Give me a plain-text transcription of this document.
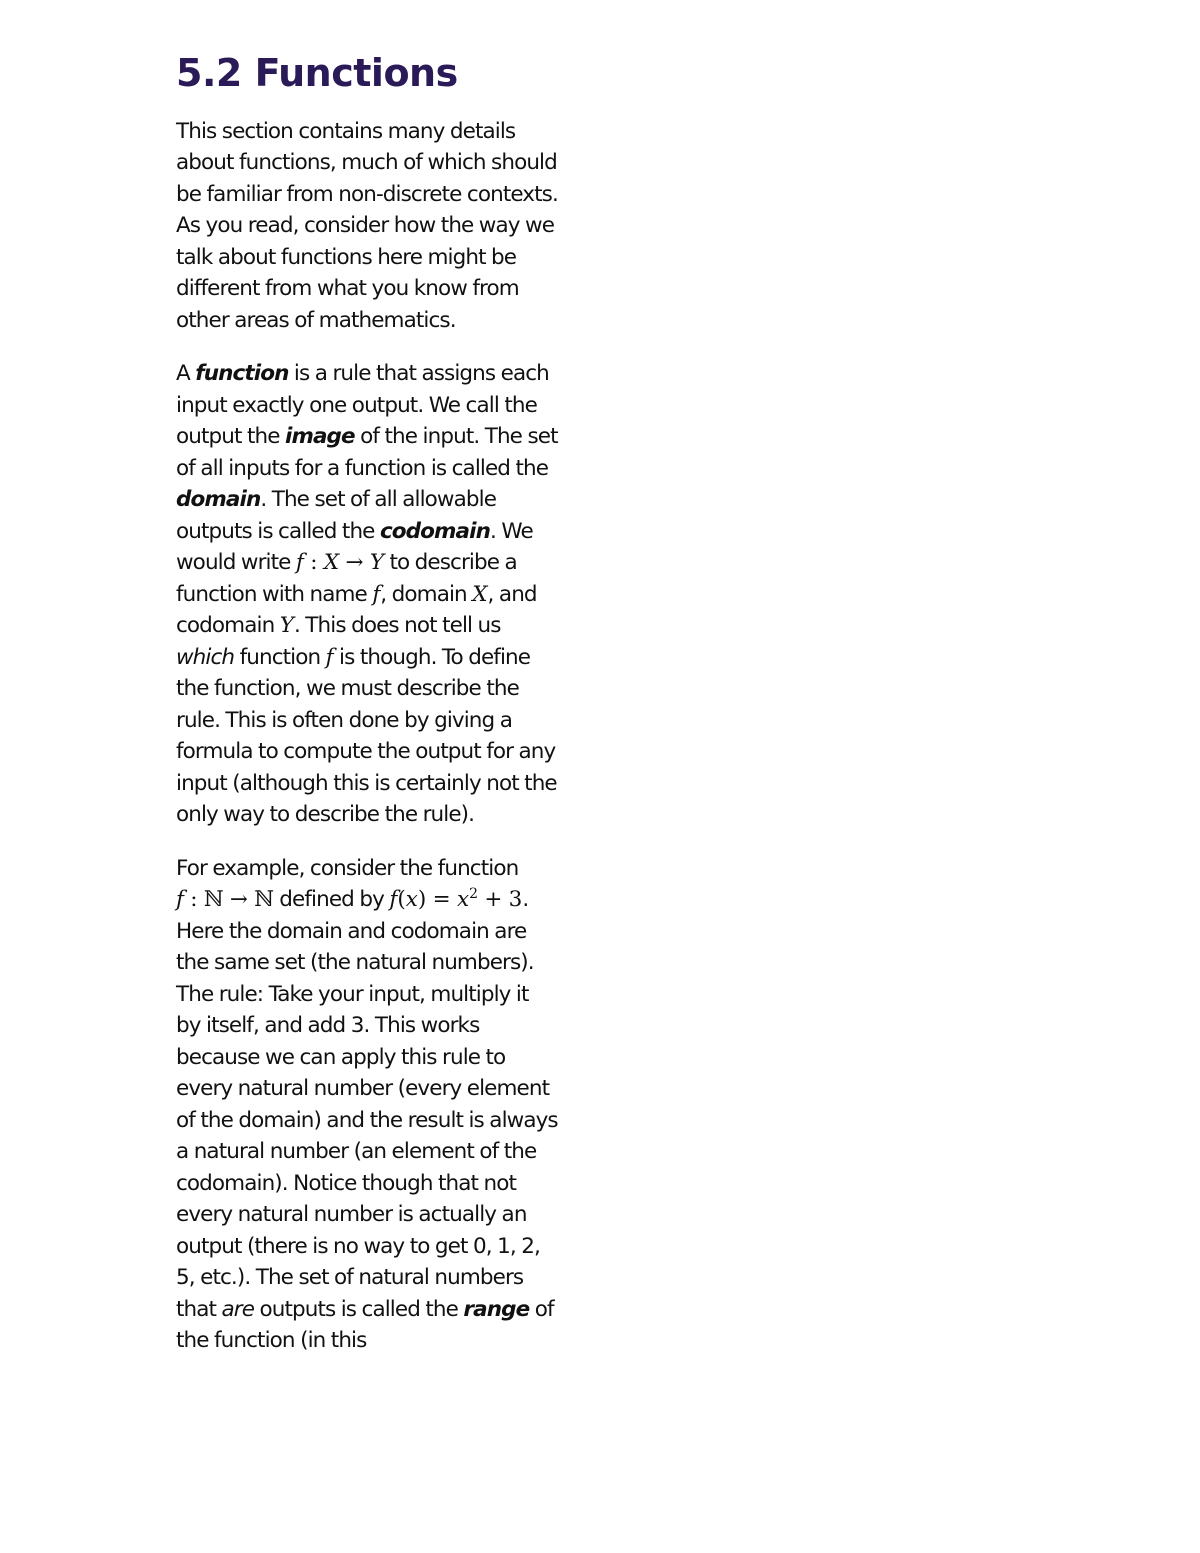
5.2 Functions

This section contains many details about functions, much of which should be familiar from non-discrete contexts. As you read, consider how the way we talk about functions here might be different from what you know from other areas of mathematics.

A function is a rule that assigns each input exactly one output. We call the output the image of the input. The set of all inputs for a function is called the domain. The set of all allowable outputs is called the codomain. We would write f : X → Y to describe a function with name f, domain X, and codomain Y. This does not tell us which function f is though. To define the function, we must describe the rule. This is often done by giving a formula to compute the output for any input (although this is certainly not the only way to describe the rule).

For example, consider the function f : ℕ → ℕ defined by $f(x) = x^2 + 3$. Here the domain and codomain are the same set (the natural numbers). The rule: Take your input, multiply it by itself, and add 3. This works because we can apply this rule to every natural number (every element of the domain) and the result is always a natural number (an element of the codomain). Notice though that not every natural number is actually an output (there is no way to get 0, 1, 2, 5, etc.). The set of natural numbers that are outputs is called the range of the function (in this
